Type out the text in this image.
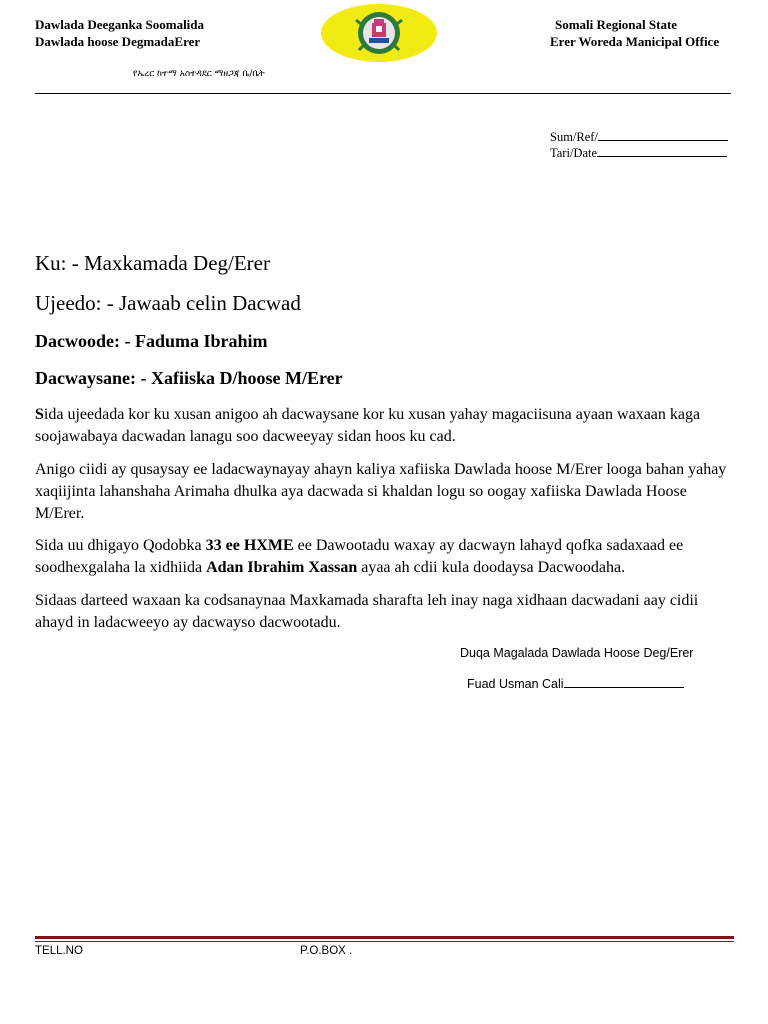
Dawlada Deeganka Soomalida
Dawlada hoose DegmadaErer
Somali Regional State
Erer Woreda Manicipal Office
የኤረር ከተማ አስተዳደር ማዘጋጃ ቤ/ቤት
Sum/Ref/
Tari/Date
Ku: - Maxkamada Deg/Erer
Ujeedo: - Jawaab celin Dacwad
Dacwoode: - Faduma Ibrahim
Dacwaysane: - Xafiiska D/hoose M/Erer
Sida ujeedada kor ku xusan anigoo ah dacwaysane kor ku xusan yahay magaciisuna ayaan waxaan kaga soojawabaya dacwadan lanagu soo dacweeyay sidan hoos ku cad.
Anigo ciidi ay qusaysay ee ladacwaynayay ahayn kaliya xafiiska Dawlada hoose M/Erer looga bahan yahay xaqiijinta lahanshaha Arimaha dhulka aya dacwada si khaldan logu so oogay xafiiska Dawlada Hoose M/Erer.
Sida uu dhigayo Qodobka 33 ee HXME ee Dawootadu waxay ay dacwayn lahayd qofka sadaxaad ee soodhexgalaha la xidhiida Adan Ibrahim Xassan ayaa ah cdii kula doodaysa Dacwoodaha.
Sidaas darteed waxaan ka codsanaynaa Maxkamada sharafta leh inay naga xidhaan dacwadani aay cidii ahayd in ladacweeyo ay dacwayso dacwootadu.
Duqa Magalada Dawlada Hoose Deg/Erer
Fuad Usman Cali
TELL.NO	P.O.BOX .
